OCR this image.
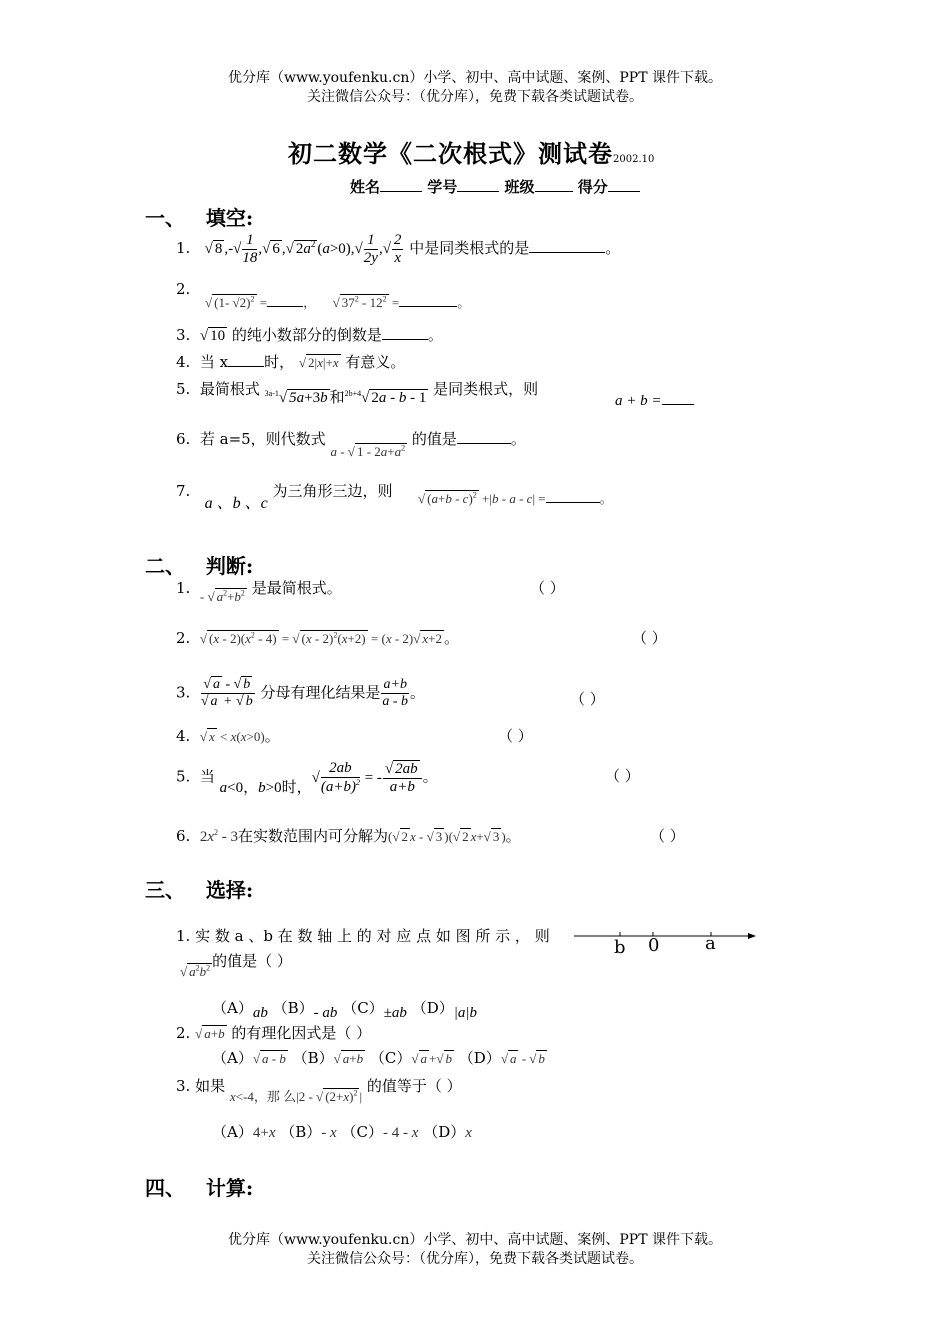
优分库（www.youfenku.cn）小学、初中、高中试题、案例、PPT 课件下载。
关注微信公众号：（优分库），免费下载各类试题试卷。
初二数学《二次根式》测试卷2002.10
姓名	学号	班级	得分
一、 填空:
1.   √ 8 ,-√ $\frac{1}{18}$ ,√ 6 ,√ $2a^2$ $(a>0),√ \frac{1}{2y}$ ,√ $\frac{2}{x}$ 中是同类根式的是	。
2.
√ (1- √2)$^2$ =	，    √ $37^2 - 12^2$ =	。
3.  √ 10 的纯小数部分的倒数是	。
4.  当 x 时， √ 2|x|+x 有意义。
5.  最简根式 $^{3a-1}$√ 5a+3b 和$^{2b+4}$√ 2a - b - 1 是同类根式，则
a + b =
6.  若 a=5，则代数式 a - √ $1 - 2a+a^2$ 的值是	。
7.   a 、b 、c 为三角形三边，则 √ $(a+b - c)^2 +|b - a - c|$ =	。
二、 判断:
1.  - √ $a^2+b^2$ 是最简根式。	（ ）
2.  √ $(x - 2)(x^2 - 4)$ = √ (x - 2)$^2$(x+2) = (x - 2)√ x+2 。	（ ）
3. $\frac{√ a - √ b}{√ a + √ b}$ 分母有理化结果是 $\frac{a+b}{a - b}$ 。	（ ）
4.  √ x < x(x>0)。	（ ）
5.  当 a<0，b>0时，√ $\frac{2ab}{(a+b)^2}$ = - $\frac{√ 2ab}{a+b}$ 。	（ ）
6.  $2x^2 - 3$在实数范围内可分解为(√ 2 x - √ 3 )(√ 2 x+√ 3 )。	（ ）
三、 选择:
1. 实 数 a 、b 在 数 轴 上 的 对 应 点 如 图 所 示 ， 则
b 0	a
√ $a^2b^2$ 的值是（ ）
（A）ab （B）- ab （C）±ab （D）|a|b
2. √ a+b 的有理化因式是（ ）
（A）√ a - b （B）√ a+b （C）√ a +√ b （D）√ a - √ b
3. 如果 x<-4，那 么|2 - √ $(2+x)^2$ | 的值等于（ ）
（A）4+x （B）- x （C）- 4 - x （D）x
四、 计算:
优分库（www.youfenku.cn）小学、初中、高中试题、案例、PPT 课件下载。
关注微信公众号：（优分库），免费下载各类试题试卷。
